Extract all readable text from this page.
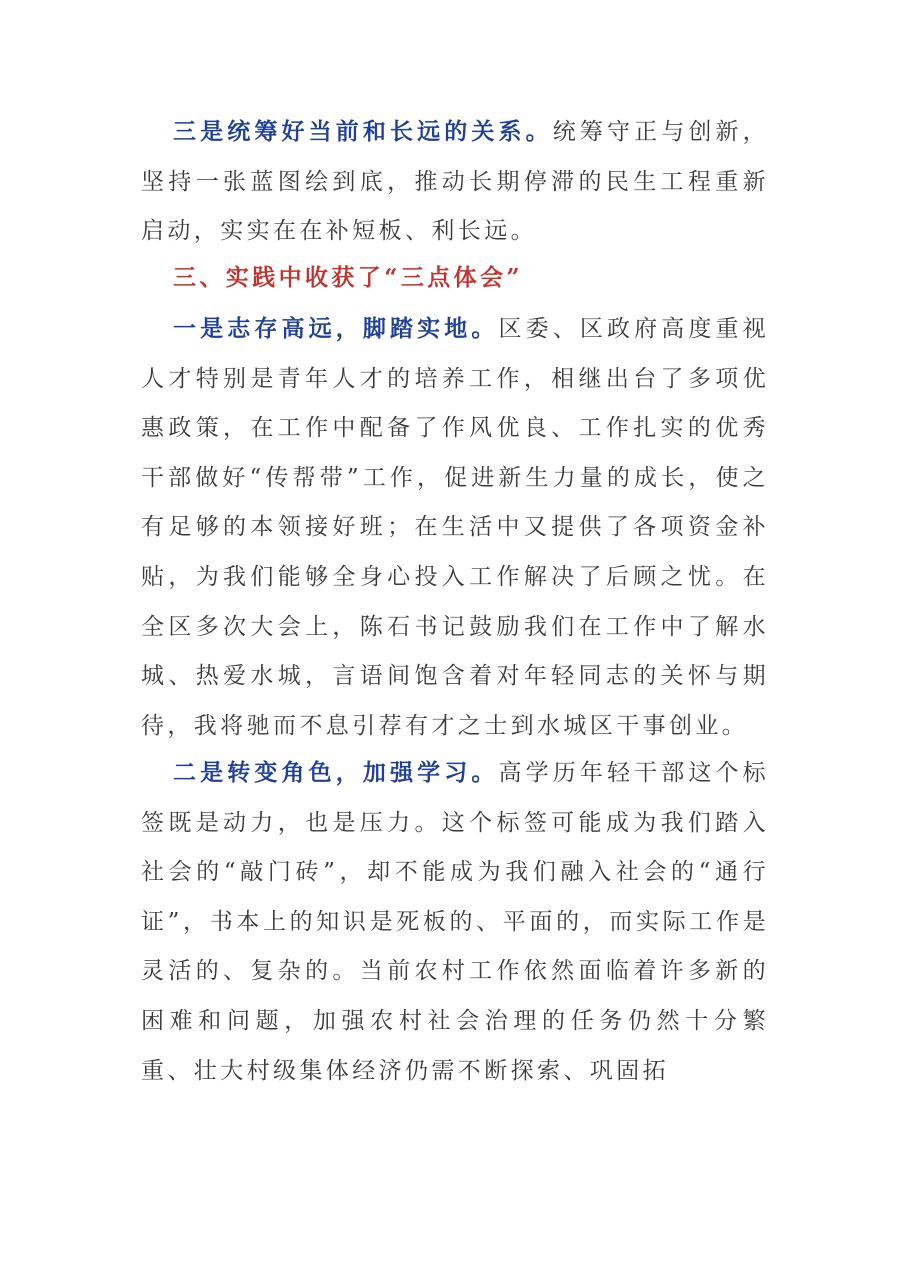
三是统筹好当前和长远的关系。统筹守正与创新，坚持一张蓝图绘到底，推动长期停滞的民生工程重新启动，实实在在补短板、利长远。

三、实践中收获了“三点体会”

一是志存高远，脚踏实地。区委、区政府高度重视人才特别是青年人才的培养工作，相继出台了多项优惠政策，在工作中配备了作风优良、工作扎实的优秀干部做好“传帮带”工作，促进新生力量的成长，使之有足够的本领接好班；在生活中又提供了各项资金补贴，为我们能够全身心投入工作解决了后顾之忧。在全区多次大会上，陈石书记鼓励我们在工作中了解水城、热爱水城，言语间饱含着对年轻同志的关怀与期待，我将驰而不息引荐有才之士到水城区干事创业。

二是转变角色，加强学习。高学历年轻干部这个标签既是动力，也是压力。这个标签可能成为我们踏入社会的“敲门砖”，却不能成为我们融入社会的“通行证”，书本上的知识是死板的、平面的，而实际工作是灵活的、复杂的。当前农村工作依然面临着许多新的困难和问题，加强农村社会治理的任务仍然十分繁重、壮大村级集体经济仍需不断探索、巩固拓
